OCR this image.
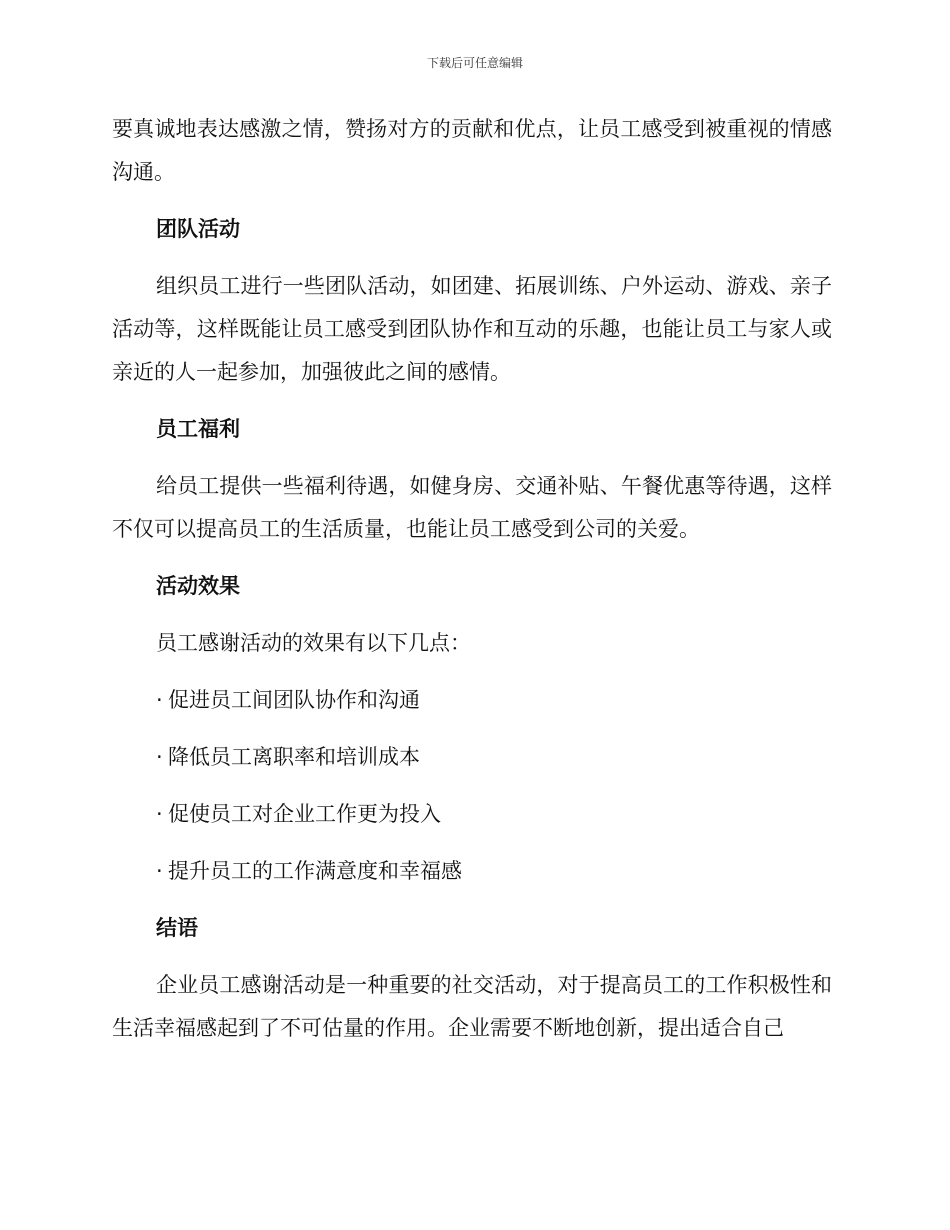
下载后可任意编辑

要真诚地表达感激之情，赞扬对方的贡献和优点，让员工感受到被重视的情感沟通。

团队活动

组织员工进行一些团队活动，如团建、拓展训练、户外运动、游戏、亲子活动等，这样既能让员工感受到团队协作和互动的乐趣，也能让员工与家人或亲近的人一起参加，加强彼此之间的感情。

员工福利

给员工提供一些福利待遇，如健身房、交通补贴、午餐优惠等待遇，这样不仅可以提高员工的生活质量，也能让员工感受到公司的关爱。

活动效果

员工感谢活动的效果有以下几点：

· 促进员工间团队协作和沟通
· 降低员工离职率和培训成本
· 促使员工对企业工作更为投入
· 提升员工的工作满意度和幸福感
结语

企业员工感谢活动是一种重要的社交活动，对于提高员工的工作积极性和生活幸福感起到了不可估量的作用。企业需要不断地创新，提出适合自己
